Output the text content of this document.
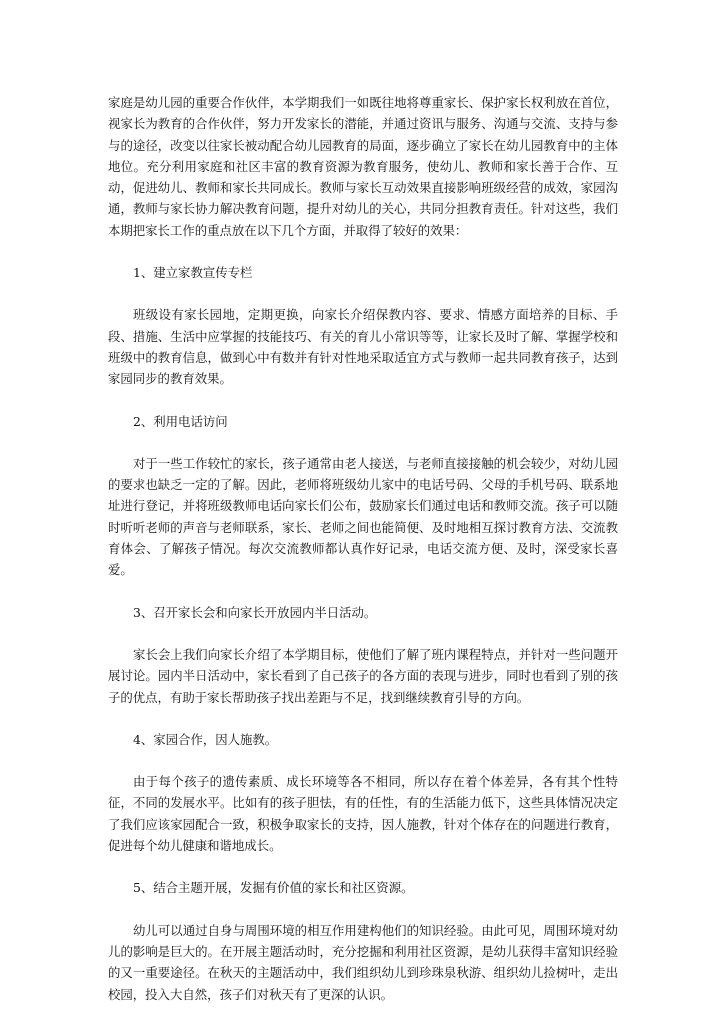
家庭是幼儿园的重要合作伙伴，本学期我们一如既往地将尊重家长、保护家长权利放在首位，视家长为教育的合作伙伴，努力开发家长的潜能，并通过资讯与服务、沟通与交流、支持与参与的途径，改变以往家长被动配合幼儿园教育的局面，逐步确立了家长在幼儿园教育中的主体地位。充分利用家庭和社区丰富的教育资源为教育服务，使幼儿、教师和家长善于合作、互动，促进幼儿、教师和家长共同成长。教师与家长互动效果直接影响班级经营的成效，家园沟通，教师与家长协力解决教育问题，提升对幼儿的关心，共同分担教育责任。针对这些，我们本期把家长工作的重点放在以下几个方面，并取得了较好的效果：

1、建立家教宣传专栏

班级设有家长园地，定期更换，向家长介绍保教内容、要求、情感方面培养的目标、手段、措施、生活中应掌握的技能技巧、有关的育儿小常识等等，让家长及时了解、掌握学校和班级中的教育信息，做到心中有数并有针对性地采取适宜方式与教师一起共同教育孩子，达到家园同步的教育效果。

2、利用电话访问

对于一些工作较忙的家长，孩子通常由老人接送，与老师直接接触的机会较少，对幼儿园的要求也缺乏一定的了解。因此，老师将班级幼儿家中的电话号码、父母的手机号码、联系地址进行登记，并将班级教师电话向家长们公布，鼓励家长们通过电话和教师交流。孩子可以随时听听老师的声音与老师联系，家长、老师之间也能简便、及时地相互探讨教育方法、交流教育体会、了解孩子情况。每次交流教师都认真作好记录，电话交流方便、及时，深受家长喜爱。

3、召开家长会和向家长开放园内半日活动。

家长会上我们向家长介绍了本学期目标，使他们了解了班内课程特点，并针对一些问题开展讨论。园内半日活动中，家长看到了自己孩子的各方面的表现与进步，同时也看到了别的孩子的优点，有助于家长帮助孩子找出差距与不足，找到继续教育引导的方向。

4、家园合作，因人施教。

由于每个孩子的遗传素质、成长环境等各不相同，所以存在着个体差异，各有其个性特征，不同的发展水平。比如有的孩子胆怯，有的任性，有的生活能力低下，这些具体情况决定了我们应该家园配合一致，积极争取家长的支持，因人施教，针对个体存在的问题进行教育，促进每个幼儿健康和谐地成长。

5、结合主题开展，发掘有价值的家长和社区资源。

幼儿可以通过自身与周围环境的相互作用建构他们的知识经验。由此可见，周围环境对幼儿的影响是巨大的。在开展主题活动时，充分挖掘和利用社区资源，是幼儿获得丰富知识经验的又一重要途径。在秋天的主题活动中，我们组织幼儿到珍珠泉秋游、组织幼儿捡树叶，走出校园，投入大自然，孩子们对秋天有了更深的认识。
